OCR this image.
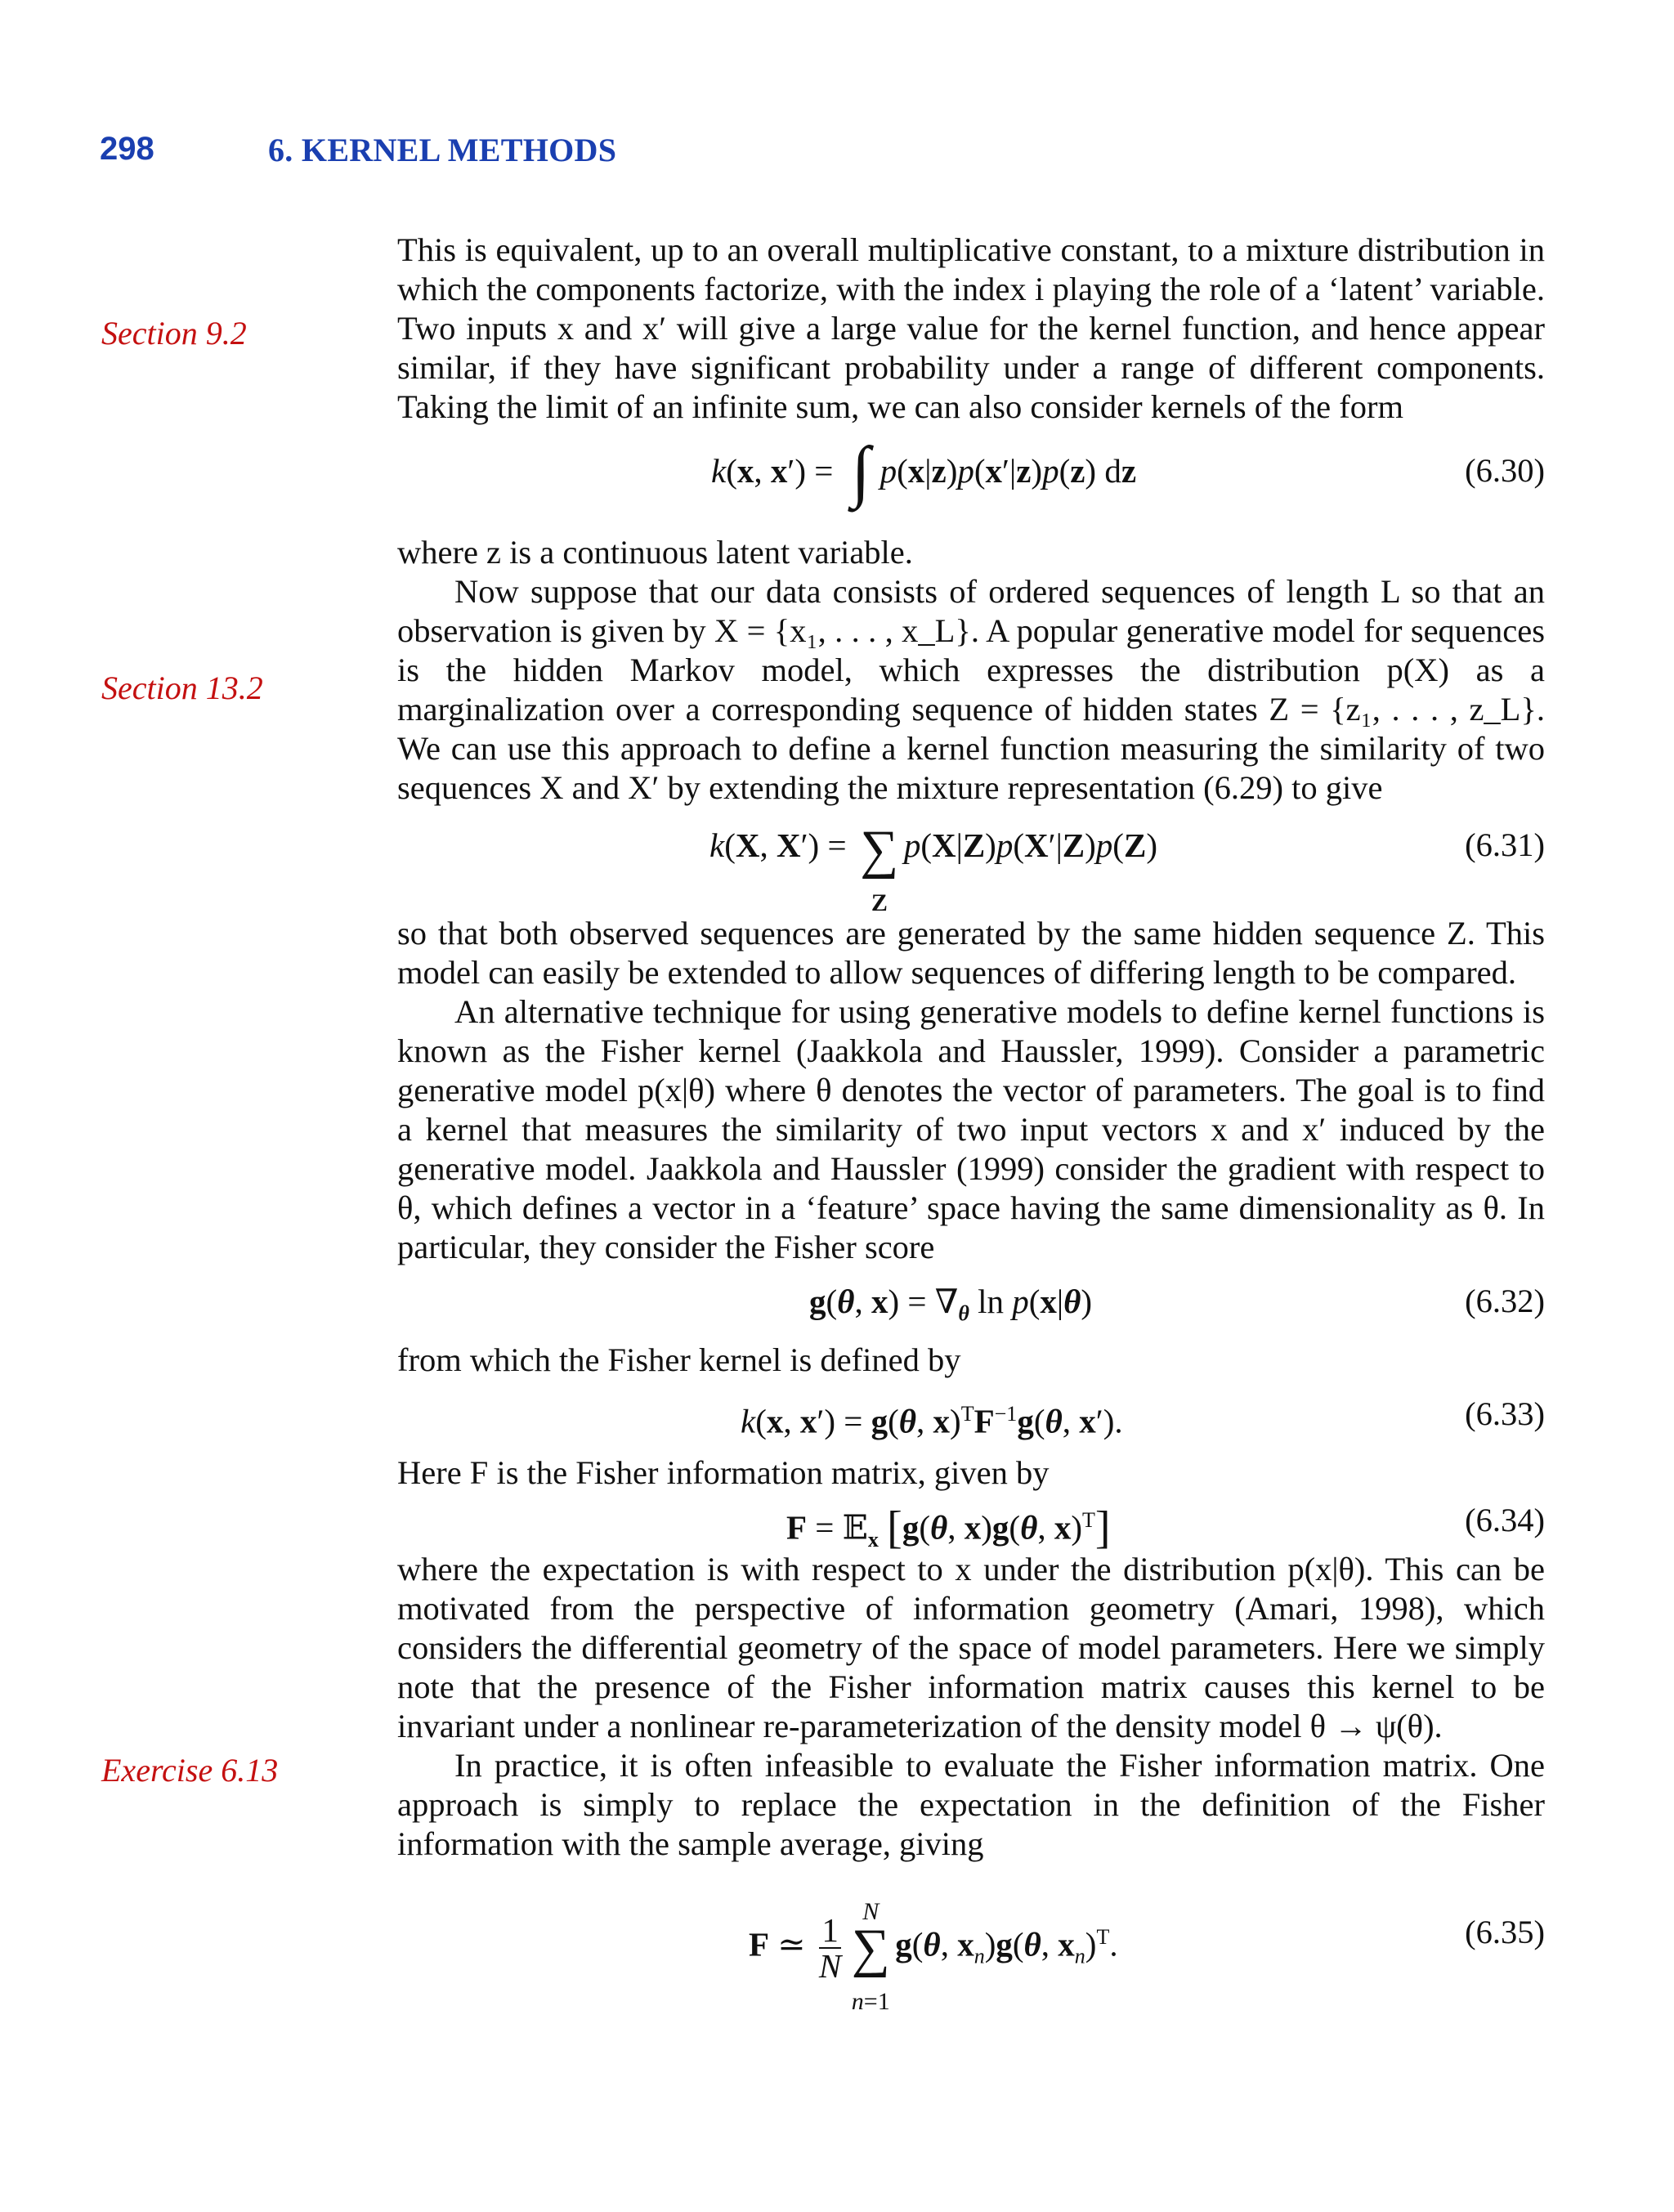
298	6. KERNEL METHODS
Section 9.2
Section 13.2
Exercise 6.13

This is equivalent, up to an overall multiplicative constant, to a mixture distribution in which the components factorize, with the index i playing the role of a ‘latent’ variable. Two inputs x and x′ will give a large value for the kernel function, and hence appear similar, if they have significant probability under a range of different components. Taking the limit of an infinite sum, we can also consider kernels of the form

k(x, x′) = ∫ p(x|z)p(x′|z)p(z) dz	(6.30)

where z is a continuous latent variable.

Now suppose that our data consists of ordered sequences of length L so that an observation is given by X = {x₁, . . . , x_L}. A popular generative model for sequences is the hidden Markov model, which expresses the distribution p(X) as a marginalization over a corresponding sequence of hidden states Z = {z₁, . . . , z_L}. We can use this approach to define a kernel function measuring the similarity of two sequences X and X′ by extending the mixture representation (6.29) to give

k(X, X′) = ∑
Z
p(X|Z)p(X′|Z)p(Z)	(6.31)

so that both observed sequences are generated by the same hidden sequence Z. This model can easily be extended to allow sequences of differing length to be compared.

An alternative technique for using generative models to define kernel functions is known as the Fisher kernel (Jaakkola and Haussler, 1999). Consider a parametric generative model p(x|θ) where θ denotes the vector of parameters. The goal is to find a kernel that measures the similarity of two input vectors x and x′ induced by the generative model. Jaakkola and Haussler (1999) consider the gradient with respect to θ, which defines a vector in a ‘feature’ space having the same dimensionality as θ. In particular, they consider the Fisher score

g(θ, $x) = \nabla_\theta$ ln p(x|θ)	(6.32)

from which the Fisher kernel is defined by

k(x, x′) = g(θ, $x)^TF^{-1}g(\theta$, x′).	(6.33)

Here F is the Fisher information matrix, given by

F = 𝔼$_x$ [g(θ, x)g(θ, x)$^T$]	(6.34)

where the expectation is with respect to x under the distribution p(x|θ). This can be motivated from the perspective of information geometry (Amari, 1998), which considers the differential geometry of the space of model parameters. Here we simply note that the presence of the Fisher information matrix causes this kernel to be invariant under a nonlinear re-parameterization of the density model θ → ψ(θ).

In practice, it is often infeasible to evaluate the Fisher information matrix. One approach is simply to replace the expectation in the definition of the Fisher information with the sample average, giving

F ≃ $\frac{1}{N}$
N
∑
n=1
g(θ, $x_n)g(\theta$, $x_n)^T$.	(6.35)
